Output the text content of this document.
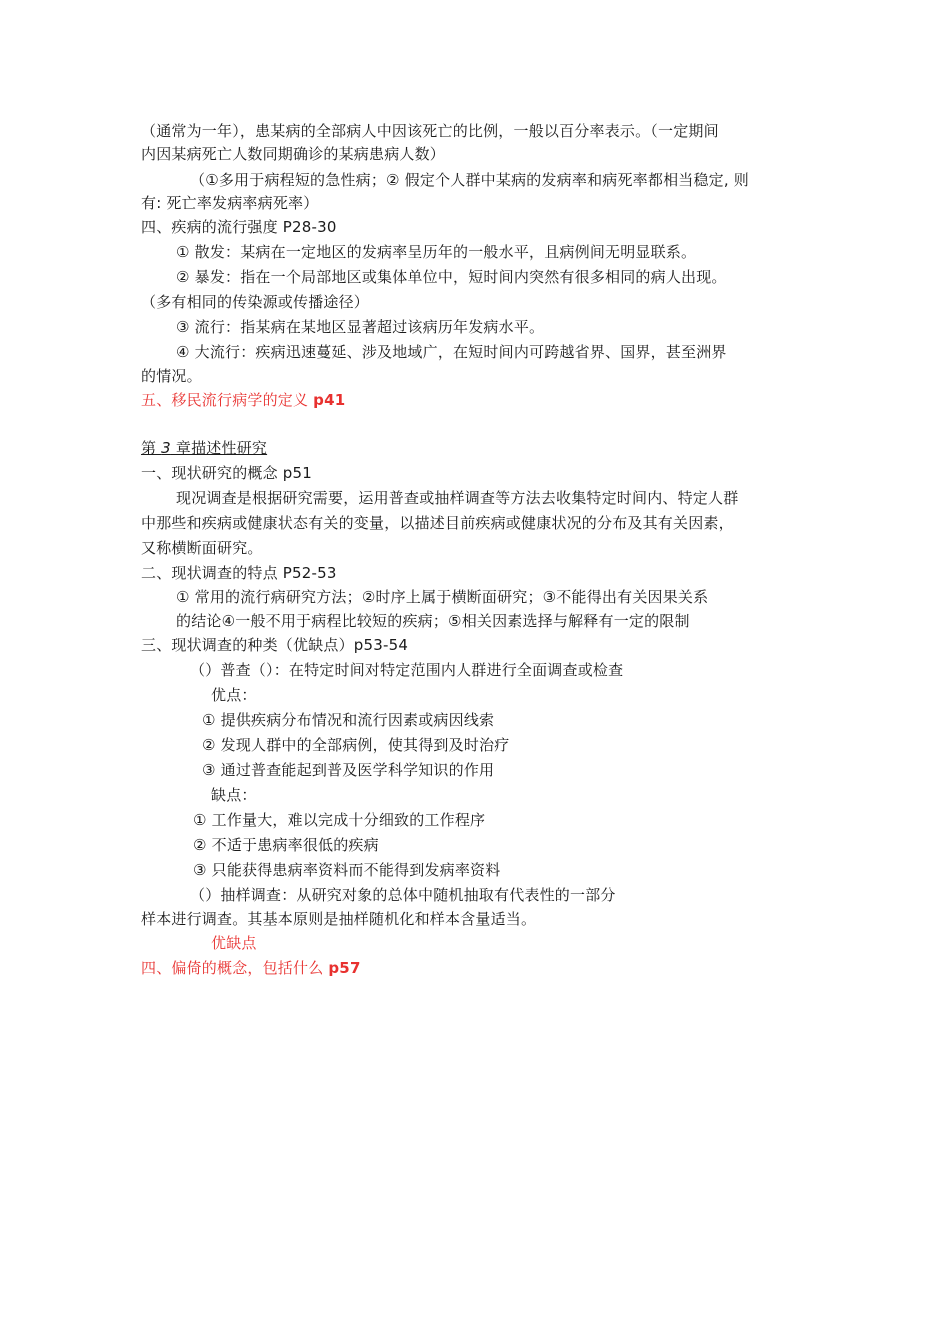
（通常为一年），患某病的全部病人中因该死亡的比例，一般以百分率表示。（一定期间
内因某病死亡人数同期确诊的某病患病人数）
（①多用于病程短的急性病；② 假定个人群中某病的发病率和病死率都相当稳定, 则
有: 死亡率发病率病死率）
四、疾病的流行强度 P28-30
① 散发：某病在一定地区的发病率呈历年的一般水平，且病例间无明显联系。
② 暴发：指在一个局部地区或集体单位中，短时间内突然有很多相同的病人出现。
（多有相同的传染源或传播途径）
③ 流行：指某病在某地区显著超过该病历年发病水平。
④ 大流行：疾病迅速蔓延、涉及地域广，在短时间内可跨越省界、国界，甚至洲界
的情况。
五、移民流行病学的定义 p41
第 3 章描述性研究
一、现状研究的概念 p51
现况调查是根据研究需要，运用普查或抽样调查等方法去收集特定时间内、特定人群
中那些和疾病或健康状态有关的变量，以描述目前疾病或健康状况的分布及其有关因素，
又称横断面研究。
二、现状调查的特点 P52-53
① 常用的流行病研究方法；②时序上属于横断面研究；③不能得出有关因果关系
的结论④一般不用于病程比较短的疾病；⑤相关因素选择与解释有一定的限制
三、现状调查的种类（优缺点）p53-54
（）普查（）：在特定时间对特定范围内人群进行全面调查或检查
优点：
① 提供疾病分布情况和流行因素或病因线索
② 发现人群中的全部病例，使其得到及时治疗
③ 通过普查能起到普及医学科学知识的作用
缺点：
① 工作量大，难以完成十分细致的工作程序
② 不适于患病率很低的疾病
③ 只能获得患病率资料而不能得到发病率资料
（）抽样调查：从研究对象的总体中随机抽取有代表性的一部分
样本进行调查。其基本原则是抽样随机化和样本含量适当。
优缺点
四、偏倚的概念，包括什么 p57
